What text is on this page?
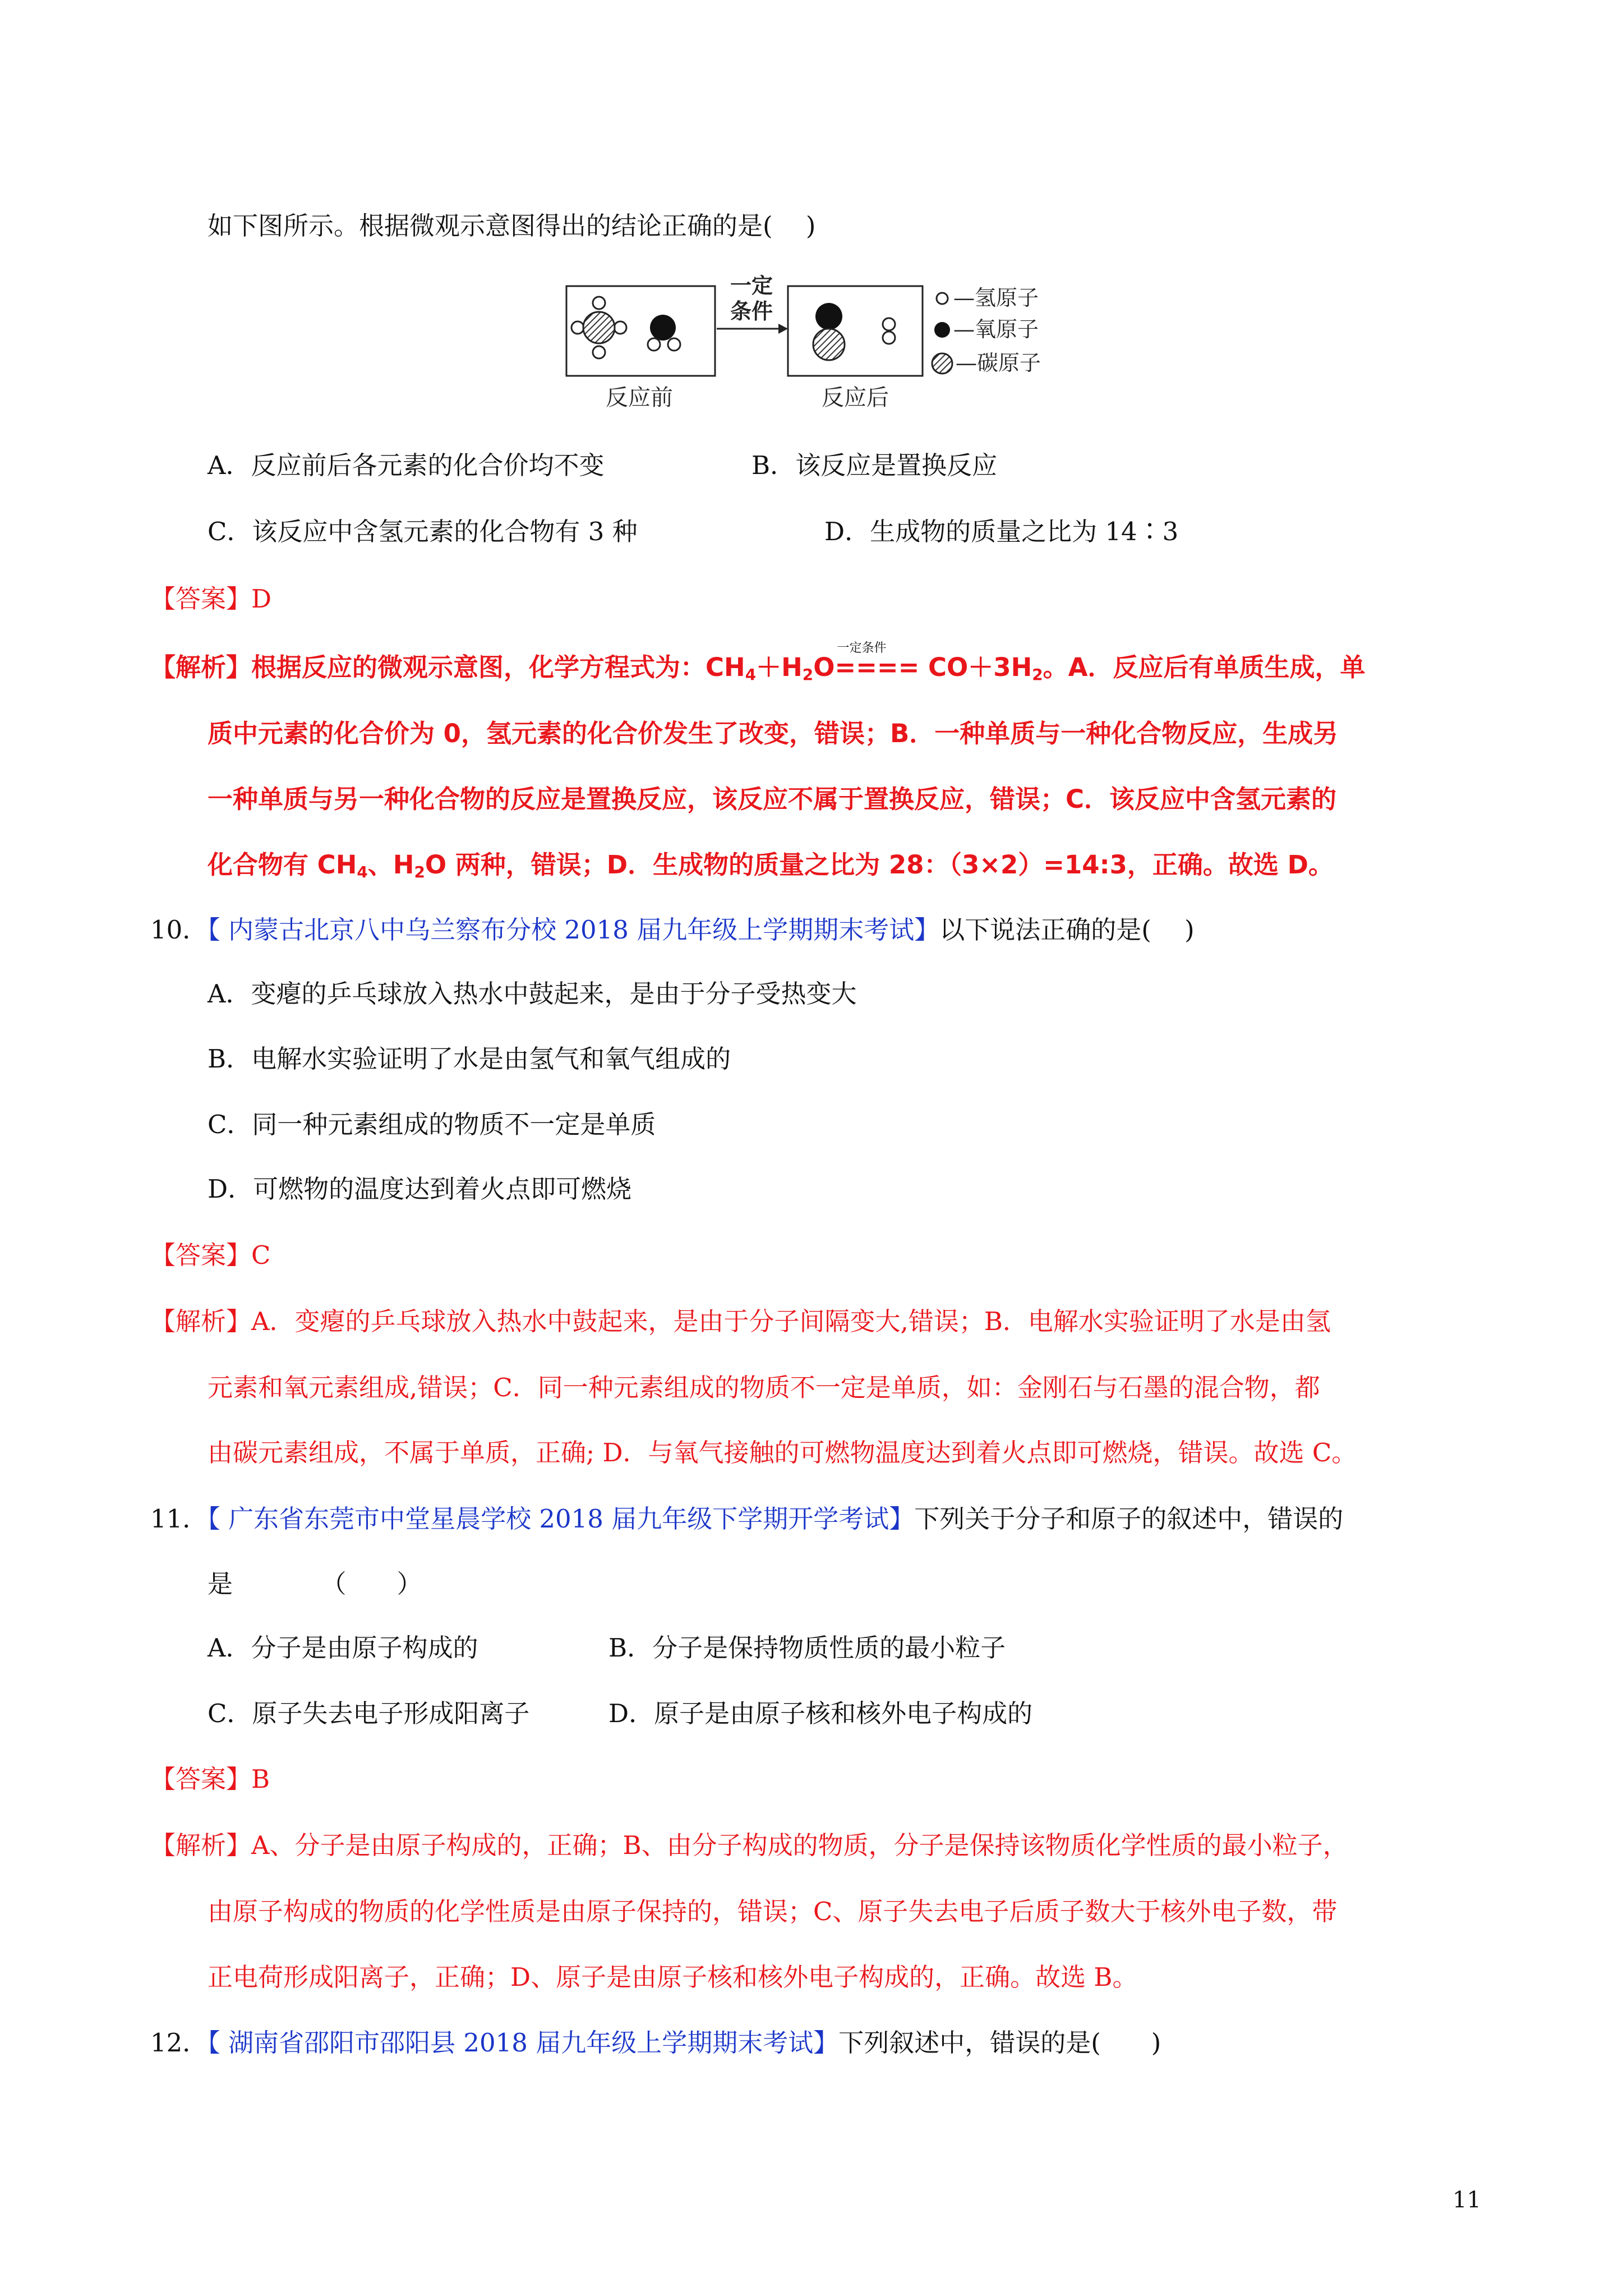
如下图所示。根据微观示意图得出的结论正确的是(　 )
反应前
一定
条件
反应后
—氢原子
—氧原子
—碳原子
A．反应前后各元素的化合价均不变	B．该反应是置换反应
C．该反应中含氢元素的化合物有 3 种	D．生成物的质量之比为 14∶3
【答案】D
【解析】根据反应的微观示意图，化学方程式为：$CH_4+H_2O$
一定条件
==== $CO+3H_2$。A．反应后有单质生成，单
质中元素的化合价为 0，氢元素的化合价发生了改变，错误；B．一种单质与一种化合物反应，生成另
一种单质与另一种化合物的反应是置换反应，该反应不属于置换反应，错误；C．该反应中含氢元素的
化合物有 $CH_4$、$H_2O$ 两种，错误；D．生成物的质量之比为 28：（3×2）=14:3，正确。故选 D。
10．【 内蒙古北京八中乌兰察布分校 2018 届九年级上学期期末考试】以下说法正确的是(　 )
A．变瘪的乒乓球放入热水中鼓起来，是由于分子受热变大
B．电解水实验证明了水是由氢气和氧气组成的
C．同一种元素组成的物质不一定是单质
D．可燃物的温度达到着火点即可燃烧
【答案】C
【解析】A．变瘪的乒乓球放入热水中鼓起来，是由于分子间隔变大,错误；B．电解水实验证明了水是由氢
元素和氧元素组成,错误；C．同一种元素组成的物质不一定是单质，如：金刚石与石墨的混合物，都
由碳元素组成，不属于单质，正确; D．与氧气接触的可燃物温度达到着火点即可燃烧，错误。故选 C。
11．【 广东省东莞市中堂星晨学校 2018 届九年级下学期开学考试】下列关于分子和原子的叙述中，错误的
是　　　　（　　）
A．分子是由原子构成的	B．分子是保持物质性质的最小粒子
C．原子失去电子形成阳离子	D．原子是由原子核和核外电子构成的
【答案】B
【解析】A、分子是由原子构成的，正确；B、由分子构成的物质，分子是保持该物质化学性质的最小粒子，
由原子构成的物质的化学性质是由原子保持的，错误；C、原子失去电子后质子数大于核外电子数，带
正电荷形成阳离子，正确；D、原子是由原子核和核外电子构成的，正确。故选 B。
12．【 湖南省邵阳市邵阳县 2018 届九年级上学期期末考试】下列叙述中，错误的是(　　)
11
